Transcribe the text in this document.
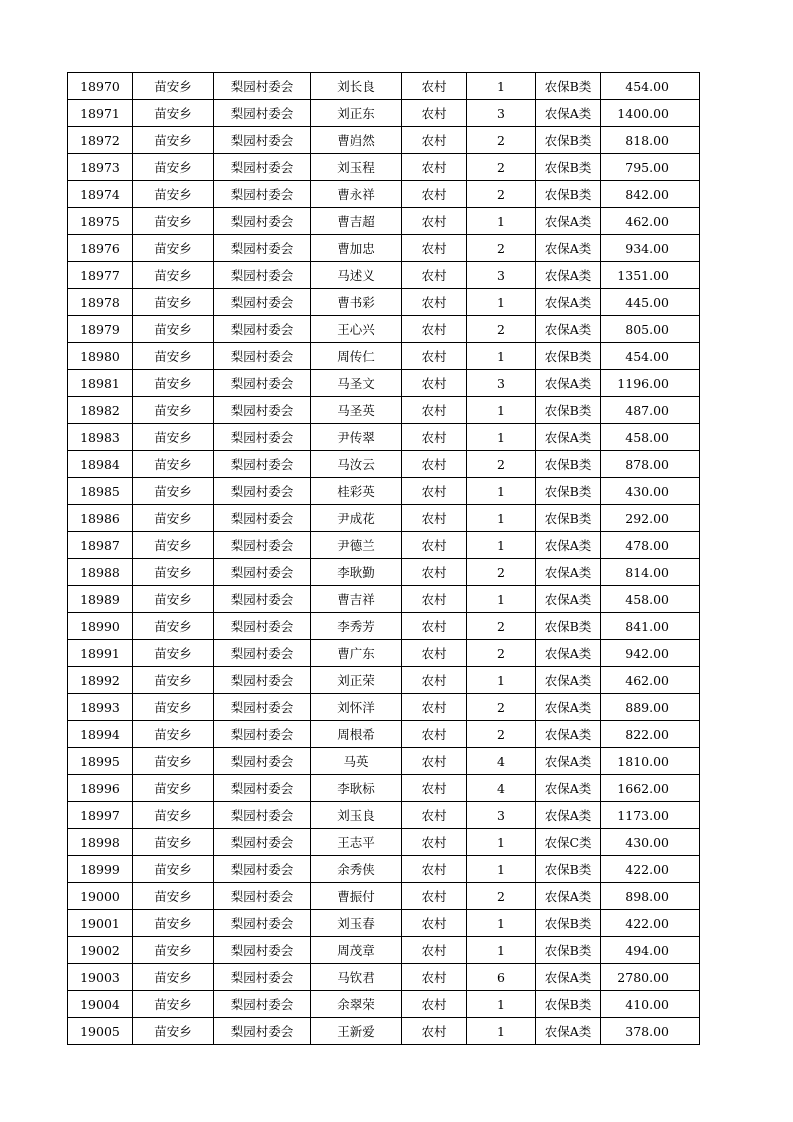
18970	苗安乡	梨园村委会	刘长良	农村	1	农保B类	454.00
18971	苗安乡	梨园村委会	刘正东	农村	3	农保A类	1400.00
18972	苗安乡	梨园村委会	曹岿然	农村	2	农保B类	818.00
18973	苗安乡	梨园村委会	刘玉程	农村	2	农保B类	795.00
18974	苗安乡	梨园村委会	曹永祥	农村	2	农保B类	842.00
18975	苗安乡	梨园村委会	曹吉超	农村	1	农保A类	462.00
18976	苗安乡	梨园村委会	曹加忠	农村	2	农保A类	934.00
18977	苗安乡	梨园村委会	马述义	农村	3	农保A类	1351.00
18978	苗安乡	梨园村委会	曹书彩	农村	1	农保A类	445.00
18979	苗安乡	梨园村委会	王心兴	农村	2	农保A类	805.00
18980	苗安乡	梨园村委会	周传仁	农村	1	农保B类	454.00
18981	苗安乡	梨园村委会	马圣文	农村	3	农保A类	1196.00
18982	苗安乡	梨园村委会	马圣英	农村	1	农保B类	487.00
18983	苗安乡	梨园村委会	尹传翠	农村	1	农保A类	458.00
18984	苗安乡	梨园村委会	马汝云	农村	2	农保B类	878.00
18985	苗安乡	梨园村委会	桂彩英	农村	1	农保B类	430.00
18986	苗安乡	梨园村委会	尹成花	农村	1	农保B类	292.00
18987	苗安乡	梨园村委会	尹德兰	农村	1	农保A类	478.00
18988	苗安乡	梨园村委会	李耿勤	农村	2	农保A类	814.00
18989	苗安乡	梨园村委会	曹吉祥	农村	1	农保A类	458.00
18990	苗安乡	梨园村委会	李秀芳	农村	2	农保B类	841.00
18991	苗安乡	梨园村委会	曹广东	农村	2	农保A类	942.00
18992	苗安乡	梨园村委会	刘正荣	农村	1	农保A类	462.00
18993	苗安乡	梨园村委会	刘怀洋	农村	2	农保A类	889.00
18994	苗安乡	梨园村委会	周根希	农村	2	农保A类	822.00
18995	苗安乡	梨园村委会	马英	农村	4	农保A类	1810.00
18996	苗安乡	梨园村委会	李耿标	农村	4	农保A类	1662.00
18997	苗安乡	梨园村委会	刘玉良	农村	3	农保A类	1173.00
18998	苗安乡	梨园村委会	王志平	农村	1	农保C类	430.00
18999	苗安乡	梨园村委会	余秀侠	农村	1	农保B类	422.00
19000	苗安乡	梨园村委会	曹振付	农村	2	农保A类	898.00
19001	苗安乡	梨园村委会	刘玉春	农村	1	农保B类	422.00
19002	苗安乡	梨园村委会	周茂章	农村	1	农保B类	494.00
19003	苗安乡	梨园村委会	马钦君	农村	6	农保A类	2780.00
19004	苗安乡	梨园村委会	余翠荣	农村	1	农保B类	410.00
19005	苗安乡	梨园村委会	王新爱	农村	1	农保A类	378.00
